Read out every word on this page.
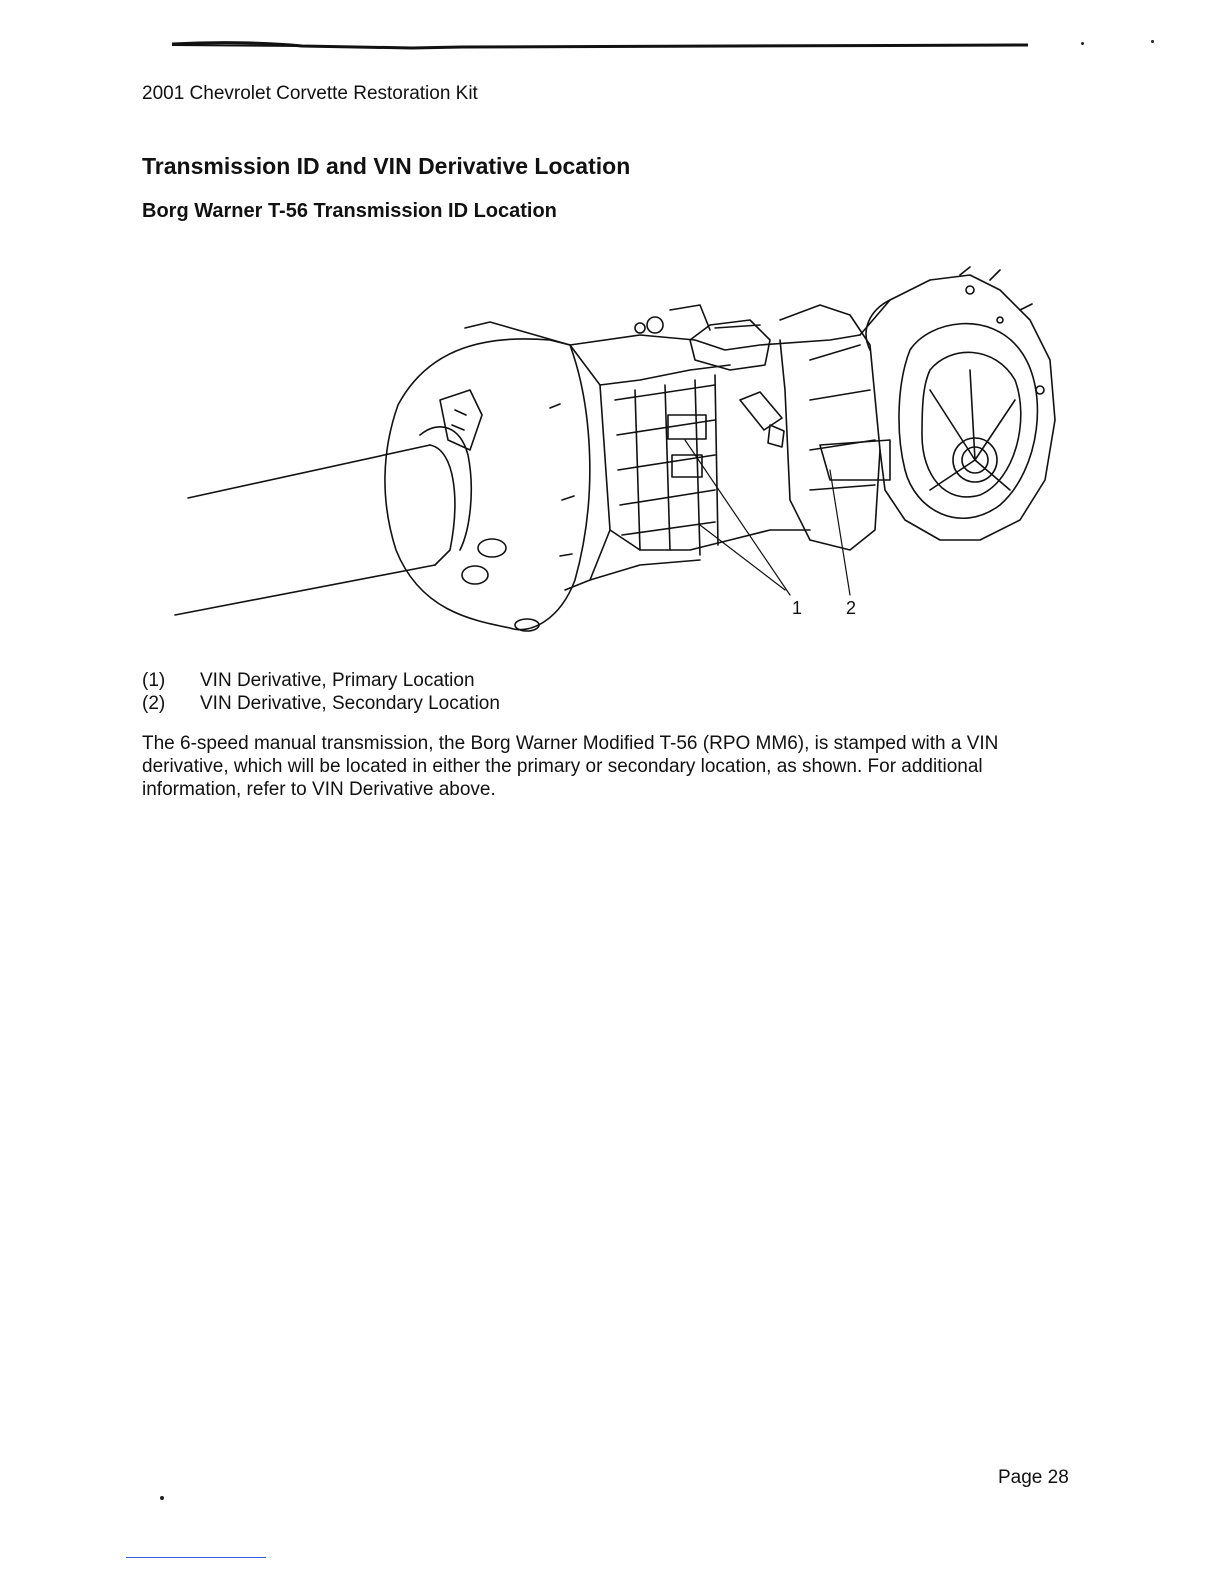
2001 Chevrolet Corvette Restoration Kit
Transmission ID and VIN Derivative Location
Borg Warner T-56 Transmission ID Location
1 2
(1)	VIN Derivative, Primary Location
(2)	VIN Derivative, Secondary Location

The 6-speed manual transmission, the Borg Warner Modified T-56 (RPO MM6), is stamped with a VIN derivative, which will be located in either the primary or secondary location, as shown. For additional information, refer to VIN Derivative above.

Page 28
